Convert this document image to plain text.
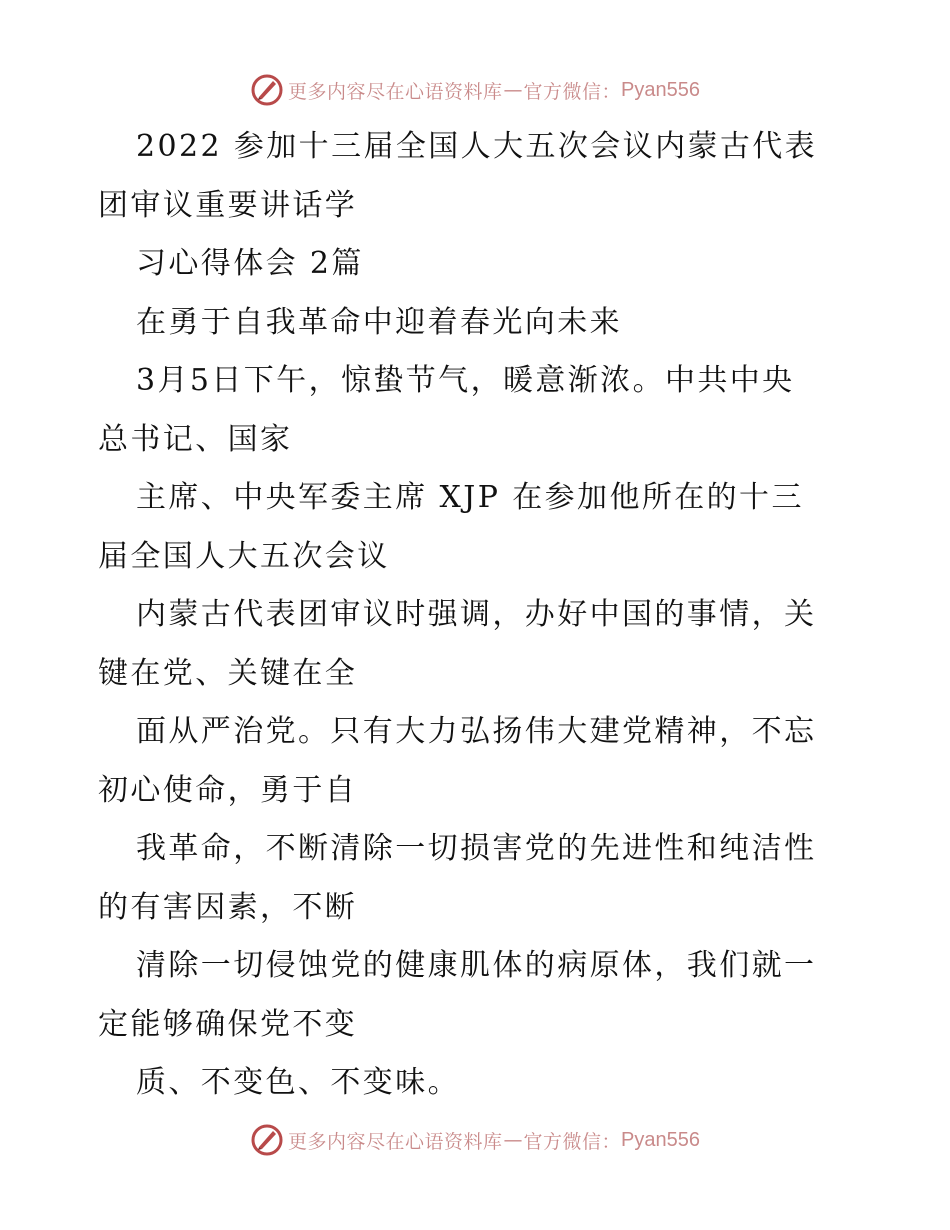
更多内容尽在心语资料库 — 官方微信： Pyan556

2022 参加十三届全国人大五次会议内蒙古代表

团审议重要讲话学

习心得体会 2篇

在勇于自我革命中迎着春光向未来

3月5日下午，惊蛰节气，暖意渐浓。中共中央

总书记、国家

主席、中央军委主席 XJP 在参加他所在的十三

届全国人大五次会议

内蒙古代表团审议时强调，办好中国的事情，关

键在党、关键在全

面从严治党。只有大力弘扬伟大建党精神，不忘

初心使命，勇于自

我革命，不断清除一切损害党的先进性和纯洁性

的有害因素，不断

清除一切侵蚀党的健康肌体的病原体，我们就一

定能够确保党不变

质、不变色、不变味。

更多内容尽在心语资料库 — 官方微信： Pyan556
